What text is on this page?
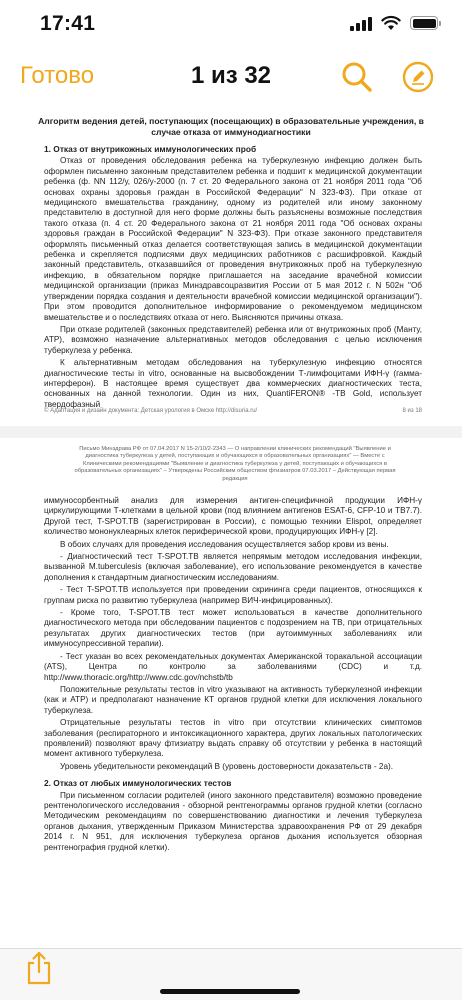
17:41
Готово	1 из 32
Алгоритм ведения детей, поступающих (посещающих) в образовательные учреждения, в случае отказа от иммунодиагностики
1. Отказ от внутрикожных иммунологических проб

Отказ от проведения обследования ребенка на туберкулезную инфекцию должен быть оформлен письменно законным представителем ребенка и подшит к медицинской документации ребенка (ф. NN 112/у, 026/у-2000 (п. 7 ст. 20 Федерального закона от 21 ноября 2011 года "Об основах охраны здоровья граждан в Российской Федерации" N 323-ФЗ). При отказе от медицинского вмешательства гражданину, одному из родителей или иному законному представителю в доступной для него форме должны быть разъяснены возможные последствия такого отказа (п. 4 ст. 20 Федерального закона от 21 ноября 2011 года "Об основах охраны здоровья граждан в Российской Федерации" N 323-ФЗ). При отказе законного представителя оформлять письменный отказ делается соответствующая запись в медицинской документации ребенка и скрепляется подписями двух медицинских работников с расшифровкой. Каждый законный представитель, отказавшийся от проведения внутрикожных проб на туберкулезную инфекцию, в обязательном порядке приглашается на заседание врачебной комиссии медицинской организации (приказ Минздравсоцразвития России от 5 мая 2012 г. N 502н "Об утверждении порядка создания и деятельности врачебной комиссии медицинской организации"). При этом проводится дополнительное информирование о рекомендуемом медицинском вмешательстве и о последствиях отказа от него. Выясняются причины отказа.

При отказе родителей (законных представителей) ребенка или от внутрикожных проб (Манту, АТР), возможно назначение альтернативных методов обследования с целью исключения туберкулеза у ребенка.

К альтернативным методам обследования на туберкулезную инфекцию относятся диагностические тесты in vitro, основанные на высвобождении Т-лимфоцитами ИФН-γ (гамма-интерферон). В настоящее время существует два коммерческих диагностических теста, основанных на данной технологии. Один из них, QuantiFERON® -TB Gold, использует твердофазный

© Адаптация и дизайн документа: Детская урология в Омске http://disuria.ru/	8 из 18
Письмо Минздрава РФ от 07.04.2017 N 15-2/10/2-2343 — О направлении клинических рекомендаций "Выявление и диагностика туберкулеза у детей, поступающих и обучающихся в образовательных организациях" — Вместе с Клиническими рекомендациями "Выявление и диагностика туберкулеза у детей, поступающих и обучающихся в образовательных организациях" – Утверждены Российским обществом фтизиатров 07.03.2017 – Действующая первая редакция

иммуносорбентный анализ для измерения антиген-специфичной продукции ИФН-γ циркулирующими Т-клетками в цельной крови (под влиянием антигенов ESAT-6, CFP-10 и TB7.7). Другой тест, T-SPOT.TB (зарегистрирован в России), с помощью техники Elispot, определяет количество мононуклеарных клеток периферической крови, продуцирующих ИФН-γ [2].

В обоих случаях для проведения исследования осуществляется забор крови из вены.

- Диагностический тест T-SPOT.TB является непрямым методом исследования инфекции, вызванной M.tuberculesis (включая заболевание), его использование рекомендуется в качестве дополнения к стандартным диагностическим исследованиям.

- Тест T-SPOT.TB используется при проведении скрининга среди пациентов, относящихся к группам риска по развитию туберкулеза (например ВИЧ-инфицированных).

- Кроме того, T-SPOT.TB тест может использоваться в качестве дополнительного диагностического метода при обследовании пациентов с подозрением на ТВ, при отрицательных результатах других диагностических тестов (при аутоиммунных заболеваниях или иммуносупрессивной терапии).

- Тест указан во всех рекомендательных документах Американской торакальной ассоциации (ATS), Центра по контролю за заболеваниями (CDC) и т.д. http://www.thoracic.org/http://www.cdc.gov/nchstb/tb

Положительные результаты тестов in vitro указывают на активность туберкулезной инфекции (как и ATP) и предполагают назначение КТ органов грудной клетки для исключения локального туберкулеза.

Отрицательные результаты тестов in vitro при отсутствии клинических симптомов заболевания (респираторного и интоксикационного характера, других локальных патологических проявлений) позволяют врачу фтизиатру выдать справку об отсутствии у ребенка в настоящий момент активного туберкулеза.

Уровень убедительности рекомендаций B (уровень достоверности доказательств - 2а).

2. Отказ от любых иммунологических тестов

При письменном согласии родителей (иного законного представителя) возможно проведение рентгенологического исследования - обзорной рентгенограммы органов грудной клетки (согласно Методическим рекомендациям по совершенствованию диагностики и лечения туберкулеза органов дыхания, утвержденным Приказом Министерства здравоохранения РФ от 29 декабря 2014 г. N 951, для исключения туберкулеза органов дыхания используется обзорная рентгенография грудной клетки).
